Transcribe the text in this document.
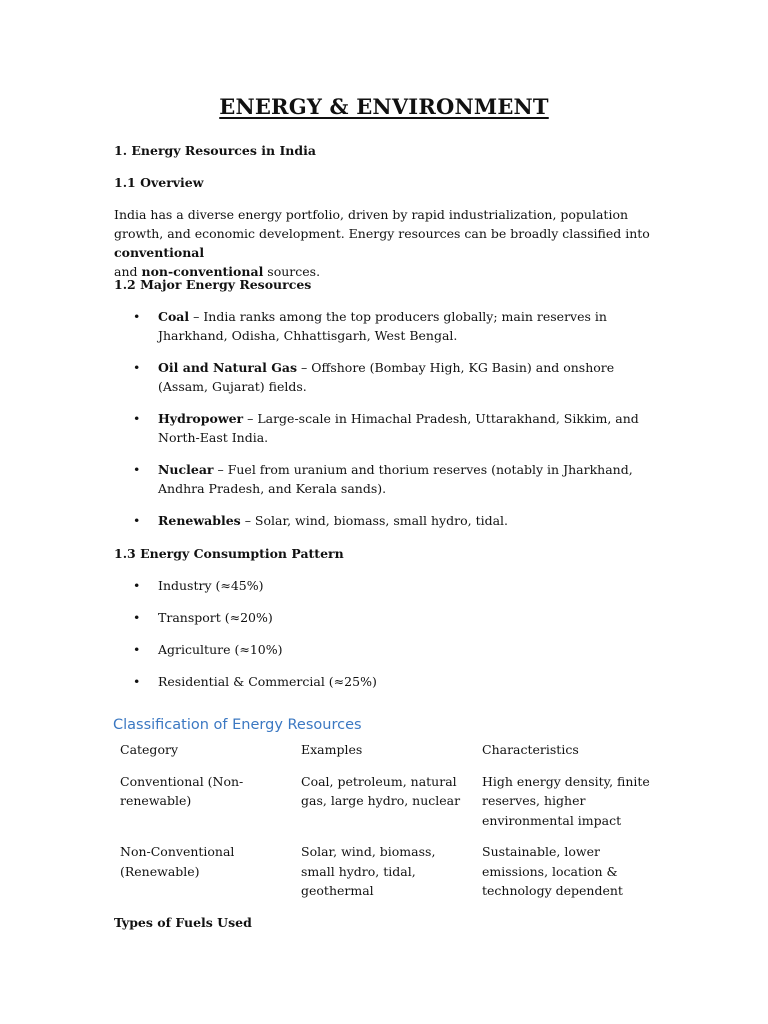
ENERGY & ENVIRONMENT

1. Energy Resources in India

1.1 Overview

India has a diverse energy portfolio, driven by rapid industrialization, population growth, and economic development. Energy resources can be broadly classified into conventional
and non-conventional sources.

1.2 Major Energy Resources

• Coal – India ranks among the top producers globally; main reserves in Jharkhand, Odisha, Chhattisgarh, West Bengal.
• Oil and Natural Gas – Offshore (Bombay High, KG Basin) and onshore (Assam, Gujarat) fields.
• Hydropower – Large-scale in Himachal Pradesh, Uttarakhand, Sikkim, and North-East India.
• Nuclear – Fuel from uranium and thorium reserves (notably in Jharkhand, Andhra Pradesh, and Kerala sands).
• Renewables – Solar, wind, biomass, small hydro, tidal.

1.3 Energy Consumption Pattern

• Industry (≈45%)
• Transport (≈20%)
• Agriculture (≈10%)
• Residential & Commercial (≈25%)

Classification of Energy Resources

Category	Examples	Characteristics
Conventional (Non-renewable)	Coal, petroleum, natural gas, large hydro, nuclear	High energy density, finite reserves, higher environmental impact
Non-Conventional (Renewable)	Solar, wind, biomass, small hydro, tidal, geothermal	Sustainable, lower emissions, location & technology dependent

Types of Fuels Used
